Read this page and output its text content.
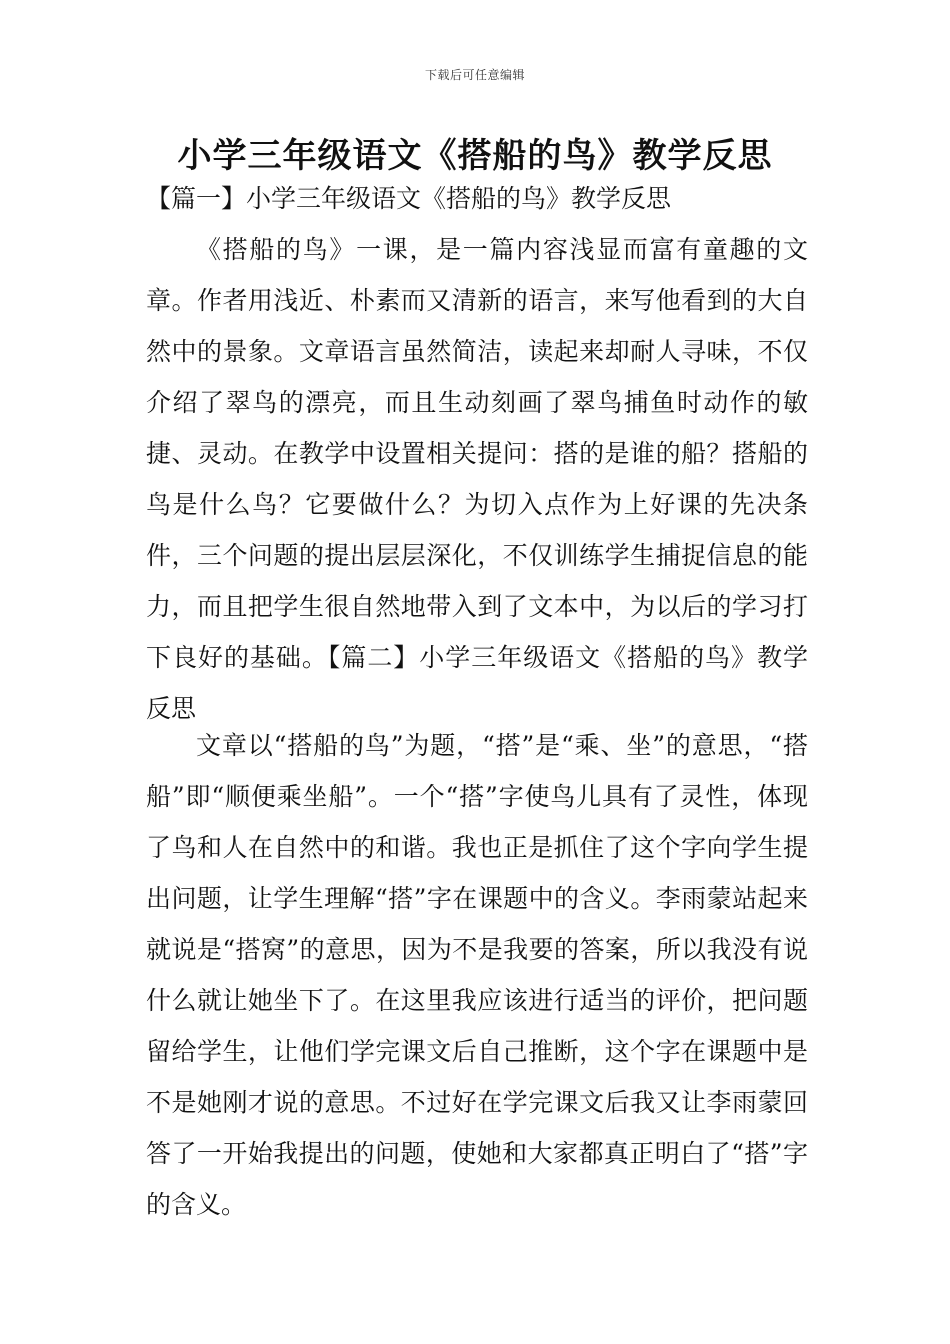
下载后可任意编辑
小学三年级语文《搭船的鸟》教学反思

【篇一】小学三年级语文《搭船的鸟》教学反思

《搭船的鸟》一课，是一篇内容浅显而富有童趣的文章。作者用浅近、朴素而又清新的语言，来写他看到的大自然中的景象。文章语言虽然简洁，读起来却耐人寻味，不仅介绍了翠鸟的漂亮，而且生动刻画了翠鸟捕鱼时动作的敏捷、灵动。在教学中设置相关提问：搭的是谁的船？搭船的鸟是什么鸟？它要做什么？为切入点作为上好课的先决条件，三个问题的提出层层深化，不仅训练学生捕捉信息的能力，而且把学生很自然地带入到了文本中，为以后的学习打下良好的基础。【篇二】小学三年级语文《搭船的鸟》教学反思

文章以“搭船的鸟”为题，“搭”是“乘、坐”的意思，“搭船”即“顺便乘坐船”。一个“搭”字使鸟儿具有了灵性，体现了鸟和人在自然中的和谐。我也正是抓住了这个字向学生提出问题，让学生理解“搭”字在课题中的含义。李雨蒙站起来就说是“搭窝”的意思，因为不是我要的答案，所以我没有说什么就让她坐下了。在这里我应该进行适当的评价，把问题留给学生，让他们学完课文后自己推断，这个字在课题中是不是她刚才说的意思。不过好在学完课文后我又让李雨蒙回答了一开始我提出的问题，使她和大家都真正明白了“搭”字的含义。
